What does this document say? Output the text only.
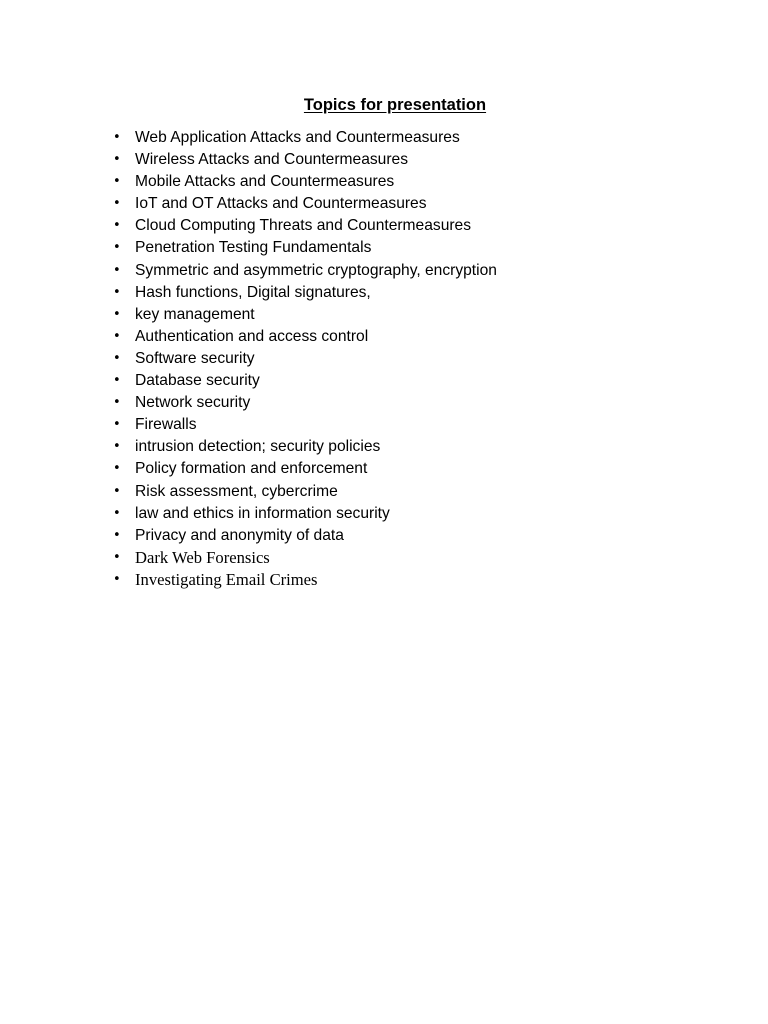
Topics for presentation
• Web Application Attacks and Countermeasures
• Wireless Attacks and Countermeasures
• Mobile Attacks and Countermeasures
• IoT and OT Attacks and Countermeasures
• Cloud Computing Threats and Countermeasures
• Penetration Testing Fundamentals
• Symmetric and asymmetric cryptography, encryption
• Hash functions, Digital signatures,
• key management
• Authentication and access control
• Software security
• Database security
• Network security
• Firewalls
• intrusion detection; security policies
• Policy formation and enforcement
• Risk assessment, cybercrime
• law and ethics in information security
• Privacy and anonymity of data
• Dark Web Forensics
• Investigating Email Crimes
